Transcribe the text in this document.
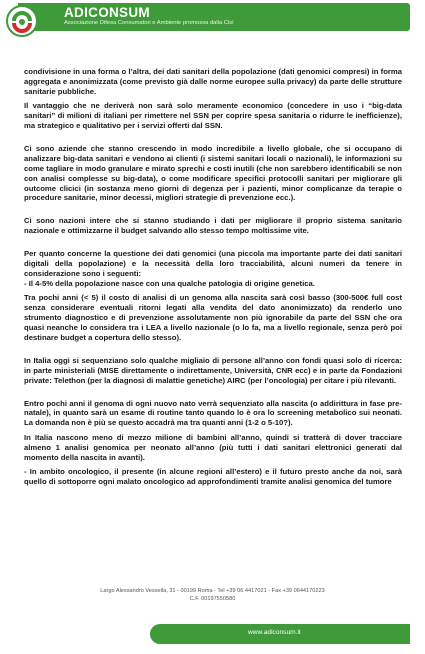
ADICONSUM
Associazione Difesa Consumatori e Ambiente promossa dalla Cisl

condivisione in una forma o l’altra, dei dati sanitari della popolazione (dati genomici compresi) in forma aggregata e anonimizzata (come previsto già dalle norme europee sulla privacy) da parte delle strutture sanitarie pubbliche.

Il vantaggio che ne deriverà non sarà solo meramente economico (concedere in uso i “big-data sanitari” di milioni di italiani per rimettere nel SSN per coprire spesa sanitaria o ridurre le inefficienze), ma strategico e qualitativo per i servizi offerti dal SSN.

Ci sono aziende che stanno crescendo in modo incredibile a livello globale, che si occupano di analizzare big-data sanitari e vendono ai clienti (i sistemi sanitari locali o nazionali), le informazioni su come tagliare in modo granulare e mirato sprechi e costi inutili (che non sarebbero identificabili se non con analisi complesse su big-data), o come modificare specifici protocolli sanitari per migliorare gli outcome clicici (in sostanza meno giorni di degenza per i pazienti, minor complicanze da terapie o procedure sanitarie, minor decessi, migliori strategie di prevenzione ecc.).

Ci sono nazioni intere che si stanno studiando i dati per migliorare il proprio sistema sanitario nazionale e ottimizzarne il budget salvando allo stesso tempo moltissime vite.

Per quanto concerne la questione dei dati genomici (una piccola ma importante parte dei dati sanitari digitali della popolazione) e la necessità della loro tracciabilità, alcuni numeri da tenere in considerazione sono i seguenti:

- Il 4-5% della popolazione nasce con una qualche patologia di origine genetica.

Tra pochi anni (< 5) il costo di analisi di un genoma alla nascita sarà così basso (300-500€ full cost senza considerare eventuali ritorni legati alla vendita del dato anonimizzato) da renderlo uno strumento diagnostico e di prevenzione assolutamente non più ignorabile da parte del SSN che ora quasi neanche lo considera tra i LEA a livello nazionale (o lo fa, ma a livello regionale, senza però poi destinare budget a copertura dello stesso).

In Italia oggi si sequenziano solo qualche migliaio di persone all’anno con fondi quasi solo di ricerca: in parte ministeriali (MISE direttamente o indirettamente, Università, CNR ecc) e in parte da Fondazioni private: Telethon (per la diagnosi di malattie genetiche) AIRC (per l’oncologia) per citare i più rilevanti.

Entro pochi anni il genoma di ogni nuovo nato verrà sequenziato alla nascita (o addirittura in fase pre-natale), in quanto sarà un esame di routine tanto quando lo è ora lo screening metabolico sui neonati. La domanda non è più se questo accadrà ma tra quanti anni (1-2 o 5-10?).

In Italia nascono meno di mezzo milione di bambini all’anno, quindi si tratterà di dover tracciare almeno 1 analisi genomica per neonato all’anno (più tutti i dati sanitari elettronici generati dal momento della nascita in avanti).

- In ambito oncologico, il presente (in alcune regioni all’estero) e il futuro presto anche da noi, sarà quello di sottoporre ogni malato oncologico ad approfondimenti tramite analisi genomica del tumore

Largo Alessandro Vessella, 31 - 00199 Roma - Tel +39 06 4417021 - Fax +39 0644170223
C.F. 00197550580
www.adiconsum.it
